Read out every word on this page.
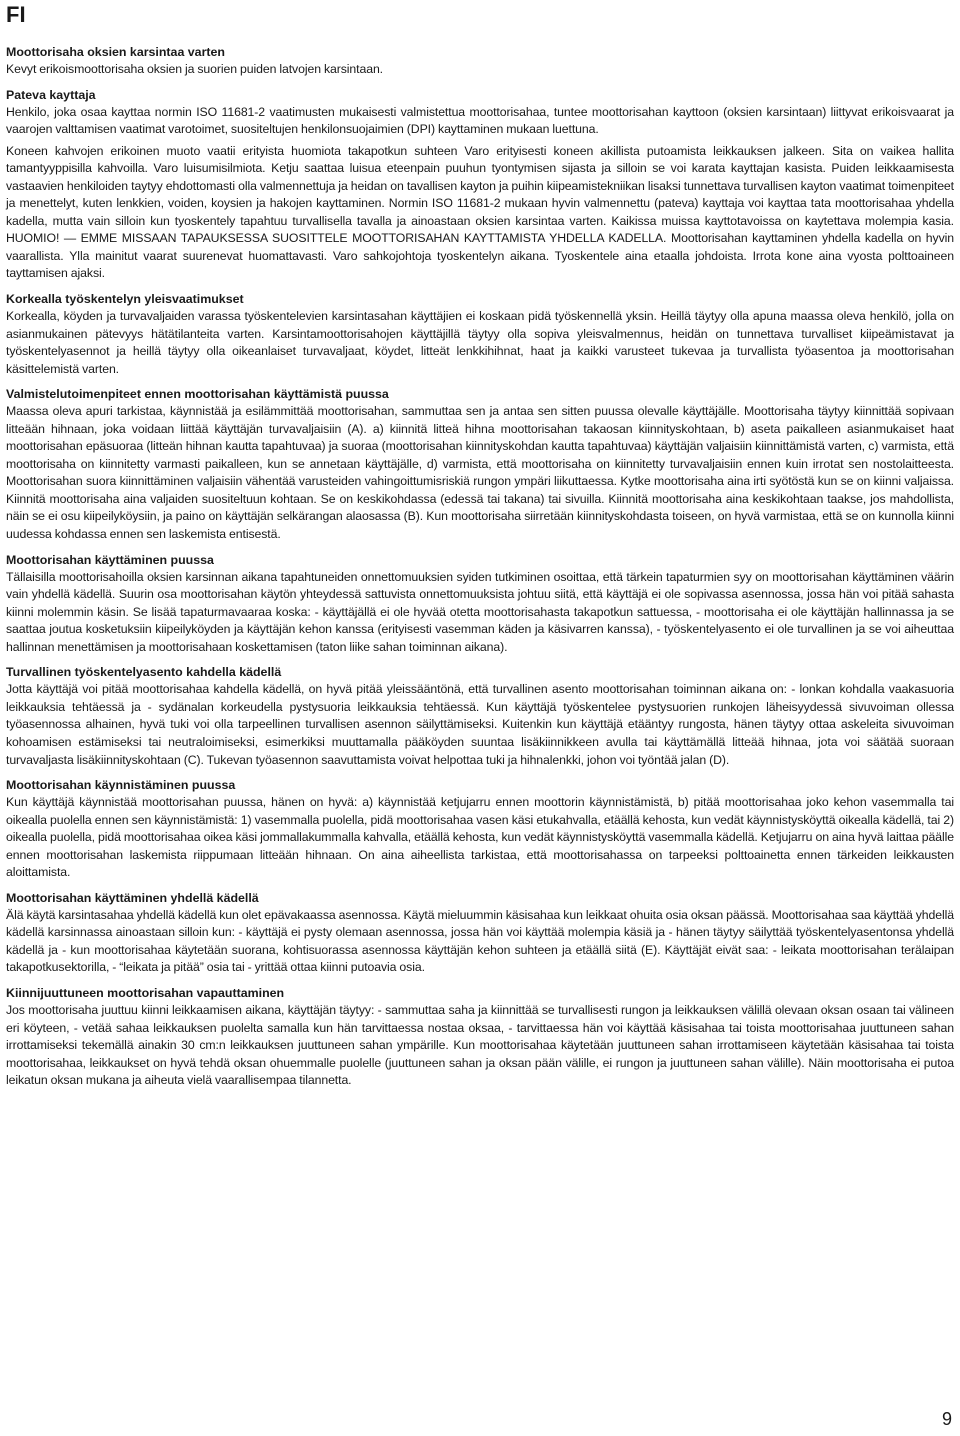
FI
Moottorisaha oksien karsintaa varten

Kevyt erikoismoottorisaha oksien ja suorien puiden latvojen karsintaan.

Pateva kayttaja

Henkilo, joka osaa kayttaa normin ISO 11681-2 vaatimusten mukaisesti valmistettua moottorisahaa, tuntee moottorisahan kayttoon (oksien karsintaan) liittyvat erikoisvaarat ja vaarojen valttamisen vaatimat varotoimet, suositeltujen henkilonsuojaimien (DPI) kayttaminen mukaan luettuna.

Koneen kahvojen erikoinen muoto vaatii erityista huomiota takapotkun suhteen Varo erityisesti koneen akillista putoamista leikkauksen jalkeen. Sita on vaikea hallita tamantyyppisilla kahvoilla. Varo luisumisilmiota. Ketju saattaa luisua eteenpain puuhun tyontymisen sijasta ja silloin se voi karata kayttajan kasista. Puiden leikkaamisesta vastaavien henkiloiden taytyy ehdottomasti olla valmennettuja ja heidan on tavallisen kayton ja puihin kiipeamistekniikan lisaksi tunnettava turvallisen kayton vaatimat toimenpiteet ja menettelyt, kuten lenkkien, voiden, koysien ja hakojen kayttaminen. Normin ISO 11681-2 mukaan hyvin valmennettu (pateva) kayttaja voi kayttaa tata moottorisahaa yhdella kadella, mutta vain silloin kun tyoskentely tapahtuu turvallisella tavalla ja ainoastaan oksien karsintaa varten. Kaikissa muissa kayttotavoissa on kaytettava molempia kasia. HUOMIO! — EMME MISSAAN TAPAUKSESSA SUOSITTELE MOOTTORISAHAN KAYTTAMISTA YHDELLA KADELLA. Moottorisahan kayttaminen yhdella kadella on hyvin vaarallista. Ylla mainitut vaarat suurenevat huomattavasti. Varo sahkojohtoja tyoskentelyn aikana. Tyoskentele aina etaalla johdoista. Irrota kone aina vyosta polttoaineen tayttamisen ajaksi.

Korkealla työskentelyn yleisvaatimukset

Korkealla, köyden ja turvavaljaiden varassa työskentelevien karsintasahan käyttäjien ei koskaan pidä työskennellä yksin. Heillä täytyy olla apuna maassa oleva henkilö, jolla on asianmukainen pätevyys hätätilanteita varten. Karsintamoottorisahojen käyttäjillä täytyy olla sopiva yleisvalmennus, heidän on tunnettava turvalliset kiipeämistavat ja työskentelyasennot ja heillä täytyy olla oikeanlaiset turvavaljaat, köydet, litteät lenkkihihnat, haat ja kaikki varusteet tukevaa ja turvallista työasentoa ja moottorisahan käsittelemistä varten.

Valmistelutoimenpiteet ennen moottorisahan käyttämistä puussa

Maassa oleva apuri tarkistaa, käynnistää ja esilämmittää moottorisahan, sammuttaa sen ja antaa sen sitten puussa olevalle käyttäjälle. Moottorisaha täytyy kiinnittää sopivaan litteään hihnaan, joka voidaan liittää käyttäjän turvavaljaisiin (A). a) kiinnitä litteä hihna moottorisahan takaosan kiinnityskohtaan, b) aseta paikalleen asianmukaiset haat moottorisahan epäsuoraa (litteän hihnan kautta tapahtuvaa) ja suoraa (moottorisahan kiinnityskohdan kautta tapahtuvaa) käyttäjän valjaisiin kiinnittämistä varten, c) varmista, että moottorisaha on kiinnitetty varmasti paikalleen, kun se annetaan käyttäjälle, d) varmista, että moottorisaha on kiinnitetty turvavaljaisiin ennen kuin irrotat sen nostolaitteesta. Moottorisahan suora kiinnittäminen valjaisiin vähentää varusteiden vahingoittumisriskiä rungon ympäri liikuttaessa. Kytke moottorisaha aina irti syötöstä kun se on kiinni valjaissa. Kiinnitä moottorisaha aina valjaiden suositeltuun kohtaan. Se on keskikohdassa (edessä tai takana) tai sivuilla. Kiinnitä moottorisaha aina keskikohtaan taakse, jos mahdollista, näin se ei osu kiipeilyköysiin, ja paino on käyttäjän selkärangan alaosassa (B). Kun moottorisaha siirretään kiinnityskohdasta toiseen, on hyvä varmistaa, että se on kunnolla kiinni uudessa kohdassa ennen sen laskemista entisestä.

Moottorisahan käyttäminen puussa

Tällaisilla moottorisahoilla oksien karsinnan aikana tapahtuneiden onnettomuuksien syiden tutkiminen osoittaa, että tärkein tapaturmien syy on moottorisahan käyttäminen väärin vain yhdellä kädellä. Suurin osa moottorisahan käytön yhteydessä sattuvista onnettomuuksista johtuu siitä, että käyttäjä ei ole sopivassa asennossa, jossa hän voi pitää sahasta kiinni molemmin käsin. Se lisää tapaturmavaaraa koska: - käyttäjällä ei ole hyvää otetta moottorisahasta takapotkun sattuessa, - moottorisaha ei ole käyttäjän hallinnassa ja se saattaa joutua kosketuksiin kiipeilyköyden ja käyttäjän kehon kanssa (erityisesti vasemman käden ja käsivarren kanssa), - työskentelyasento ei ole turvallinen ja se voi aiheuttaa hallinnan menettämisen ja moottorisahaan koskettamisen (taton liike sahan toiminnan aikana).

Turvallinen työskentelyasento kahdella kädellä

Jotta käyttäjä voi pitää moottorisahaa kahdella kädellä, on hyvä pitää yleissääntönä, että turvallinen asento moottorisahan toiminnan aikana on: - lonkan kohdalla vaakasuoria leikkauksia tehtäessä ja - sydänalan korkeudella pystysuoria leikkauksia tehtäessä. Kun käyttäjä työskentelee pystysuorien runkojen läheisyydessä sivuvoiman ollessa työasennossa alhainen, hyvä tuki voi olla tarpeellinen turvallisen asennon säilyttämiseksi. Kuitenkin kun käyttäjä etääntyy rungosta, hänen täytyy ottaa askeleita sivuvoiman kohoamisen estämiseksi tai neutraloimiseksi, esimerkiksi muuttamalla pääköyden suuntaa lisäkiinnikkeen avulla tai käyttämällä litteää hihnaa, jota voi säätää suoraan turvavaljasta lisäkiinnityskohtaan (C). Tukevan työasennon saavuttamista voivat helpottaa tuki ja hihnalenkki, johon voi työntää jalan (D).

Moottorisahan käynnistäminen puussa

Kun käyttäjä käynnistää moottorisahan puussa, hänen on hyvä: a) käynnistää ketjujarru ennen moottorin käynnistämistä, b) pitää moottorisahaa joko kehon vasemmalla tai oikealla puolella ennen sen käynnistämistä: 1) vasemmalla puolella, pidä moottorisahaa vasen käsi etukahvalla, etäällä kehosta, kun vedät käynnistysköyttä oikealla kädellä, tai 2) oikealla puolella, pidä moottorisahaa oikea käsi jommallakummalla kahvalla, etäällä kehosta, kun vedät käynnistysköyttä vasemmalla kädellä. Ketjujarru on aina hyvä laittaa päälle ennen moottorisahan laskemista riippumaan litteään hihnaan. On aina aiheellista tarkistaa, että moottorisahassa on tarpeeksi polttoainetta ennen tärkeiden leikkausten aloittamista.

Moottorisahan käyttäminen yhdellä kädellä

Älä käytä karsintasahaa yhdellä kädellä kun olet epävakaassa asennossa. Käytä mieluummin käsisahaa kun leikkaat ohuita osia oksan päässä. Moottorisahaa saa käyttää yhdellä kädellä karsinnassa ainoastaan silloin kun: - käyttäjä ei pysty olemaan asennossa, jossa hän voi käyttää molempia käsiä ja - hänen täytyy säilyttää työskentelyasentonsa yhdellä kädellä ja - kun moottorisahaa käytetään suorana, kohtisuorassa asennossa käyttäjän kehon suhteen ja etäällä siitä (E). Käyttäjät eivät saa: - leikata moottorisahan terälaipan takapotkusektorilla, - “leikata ja pitää” osia tai - yrittää ottaa kiinni putoavia osia.

Kiinnijuuttuneen moottorisahan vapauttaminen

Jos moottorisaha juuttuu kiinni leikkaamisen aikana, käyttäjän täytyy: - sammuttaa saha ja kiinnittää se turvallisesti rungon ja leikkauksen välillä olevaan oksan osaan tai välineen eri köyteen, - vetää sahaa leikkauksen puolelta samalla kun hän tarvittaessa nostaa oksaa, - tarvittaessa hän voi käyttää käsisahaa tai toista moottorisahaa juuttuneen sahan irrottamiseksi tekemällä ainakin 30 cm:n leikkauksen juuttuneen sahan ympärille. Kun moottorisahaa käytetään juuttuneen sahan irrottamiseen käytetään käsisahaa tai toista moottorisahaa, leikkaukset on hyvä tehdä oksan ohuemmalle puolelle (juuttuneen sahan ja oksan pään välille, ei rungon ja juuttuneen sahan välille). Näin moottorisaha ei putoa leikatun oksan mukana ja aiheuta vielä vaarallisempaa tilannetta.

9
